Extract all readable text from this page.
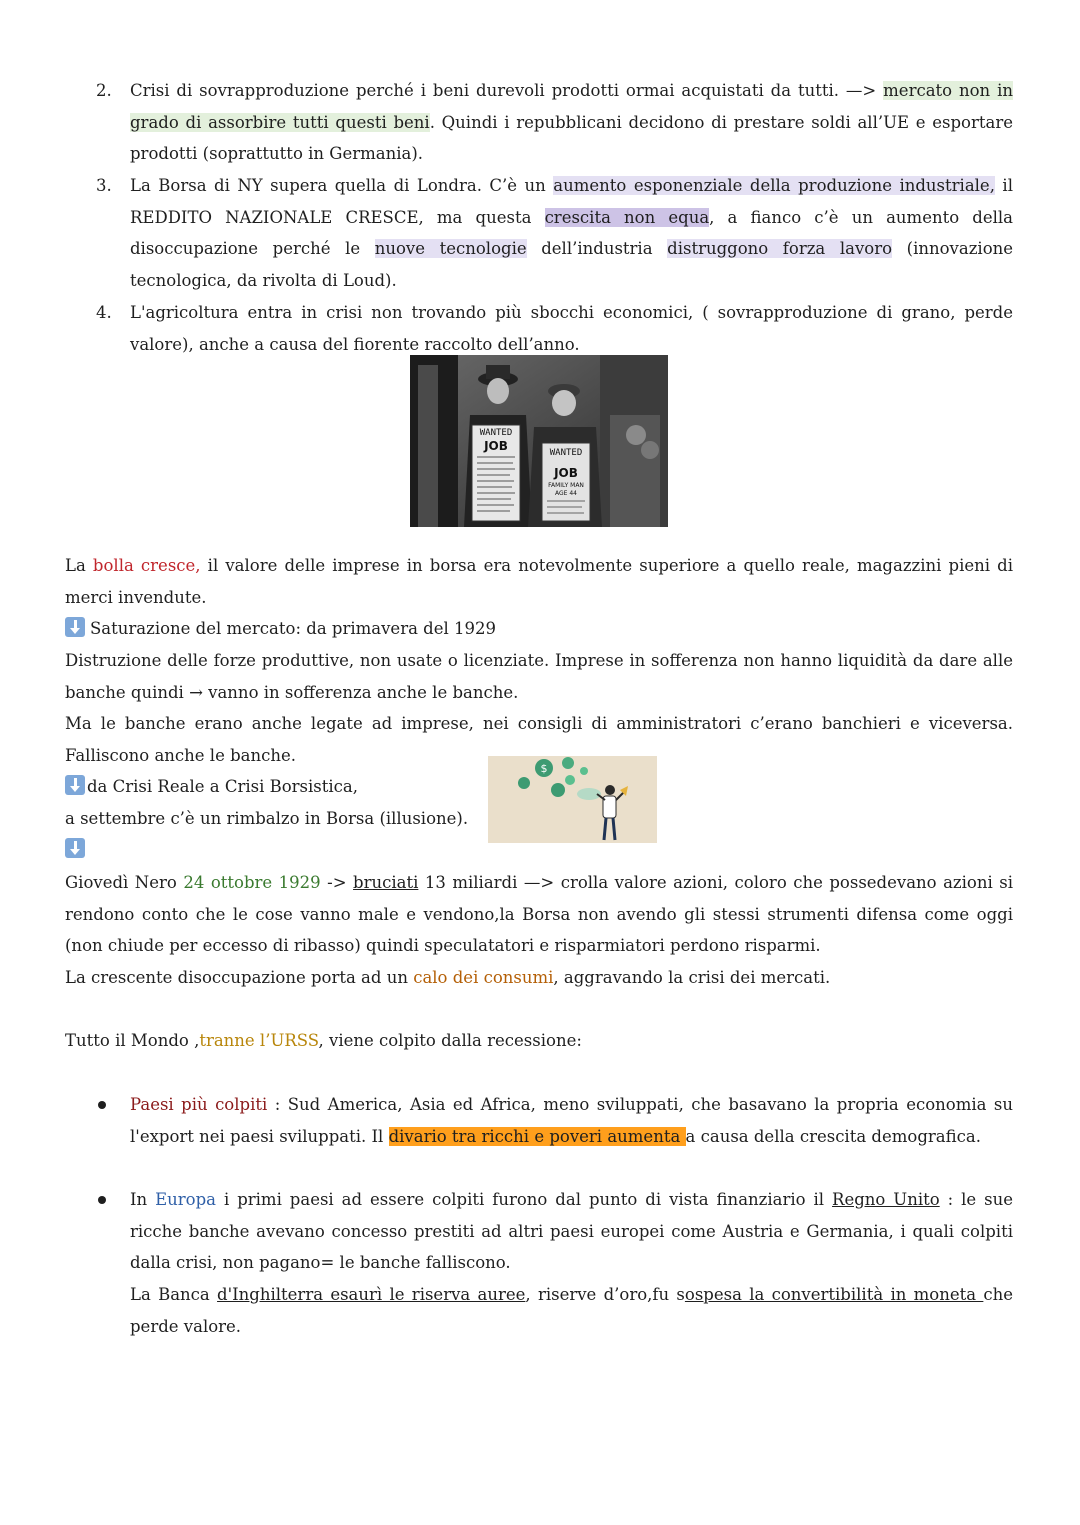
2. Crisi di sovrapproduzione perché i beni durevoli prodotti ormai acquistati da tutti. —> mercato non in grado di assorbire tutti questi beni. Quindi i repubblicani decidono di prestare soldi all’UE e esportare prodotti (soprattutto in Germania).

3. La Borsa di NY supera quella di Londra. C’è un aumento esponenziale della produzione industriale, il REDDITO NAZIONALE CRESCE, ma questa crescita non equa, a fianco c’è un aumento della disoccupazione perché le nuove tecnologie dell’industria distruggono forza lavoro (innovazione tecnologica, da rivolta di Loud).

4. L'agricoltura entra in crisi non trovando più sbocchi economici, ( sovrapproduzione di grano, perde valore), anche a causa del fiorente raccolto dell’anno.

WANTED
JOB	WANTED
JOB
FAMILY MAN
AGE 44

La bolla cresce, il valore delle imprese in borsa era notevolmente superiore a quello reale, magazzini pieni di merci invendute.

Saturazione del mercato: da primavera del 1929

Distruzione delle forze produttive, non usate o licenziate. Imprese in sofferenza non hanno liquidità da dare alle banche quindi → vanno in sofferenza anche le banche.

Ma le banche erano anche legate ad imprese, nei consigli di amministratori c’erano banchieri e viceversa. Falliscono anche le banche.

da Crisi Reale a Crisi Borsistica,

a settembre c’è un rimbalzo in Borsa (illusione).

$

Giovedì Nero 24 ottobre 1929 -> bruciati 13 miliardi —> crolla valore azioni, coloro che possedevano azioni si rendono conto che le cose vanno male e vendono,la Borsa non avendo gli stessi strumenti difensa come oggi (non chiude per eccesso di ribasso) quindi speculatatori e risparmiatori perdono risparmi.

La crescente disoccupazione porta ad un calo dei consumi, aggravando la crisi dei mercati.

Tutto il Mondo ,tranne l’URSS, viene colpito dalla recessione:

Paesi più colpiti : Sud America, Asia ed Africa, meno sviluppati, che basavano la propria economia su l'export nei paesi sviluppati. Il divario tra ricchi e poveri aumenta a causa della crescita demografica.

In Europa i primi paesi ad essere colpiti furono dal punto di vista finanziario il Regno Unito : le sue ricche banche avevano concesso prestiti ad altri paesi europei come Austria e Germania, i quali colpiti dalla crisi, non pagano= le banche falliscono.

La Banca d'Inghilterra esaurì le riserva auree, riserve d’oro,fu sospesa la convertibilità in moneta che perde valore.
